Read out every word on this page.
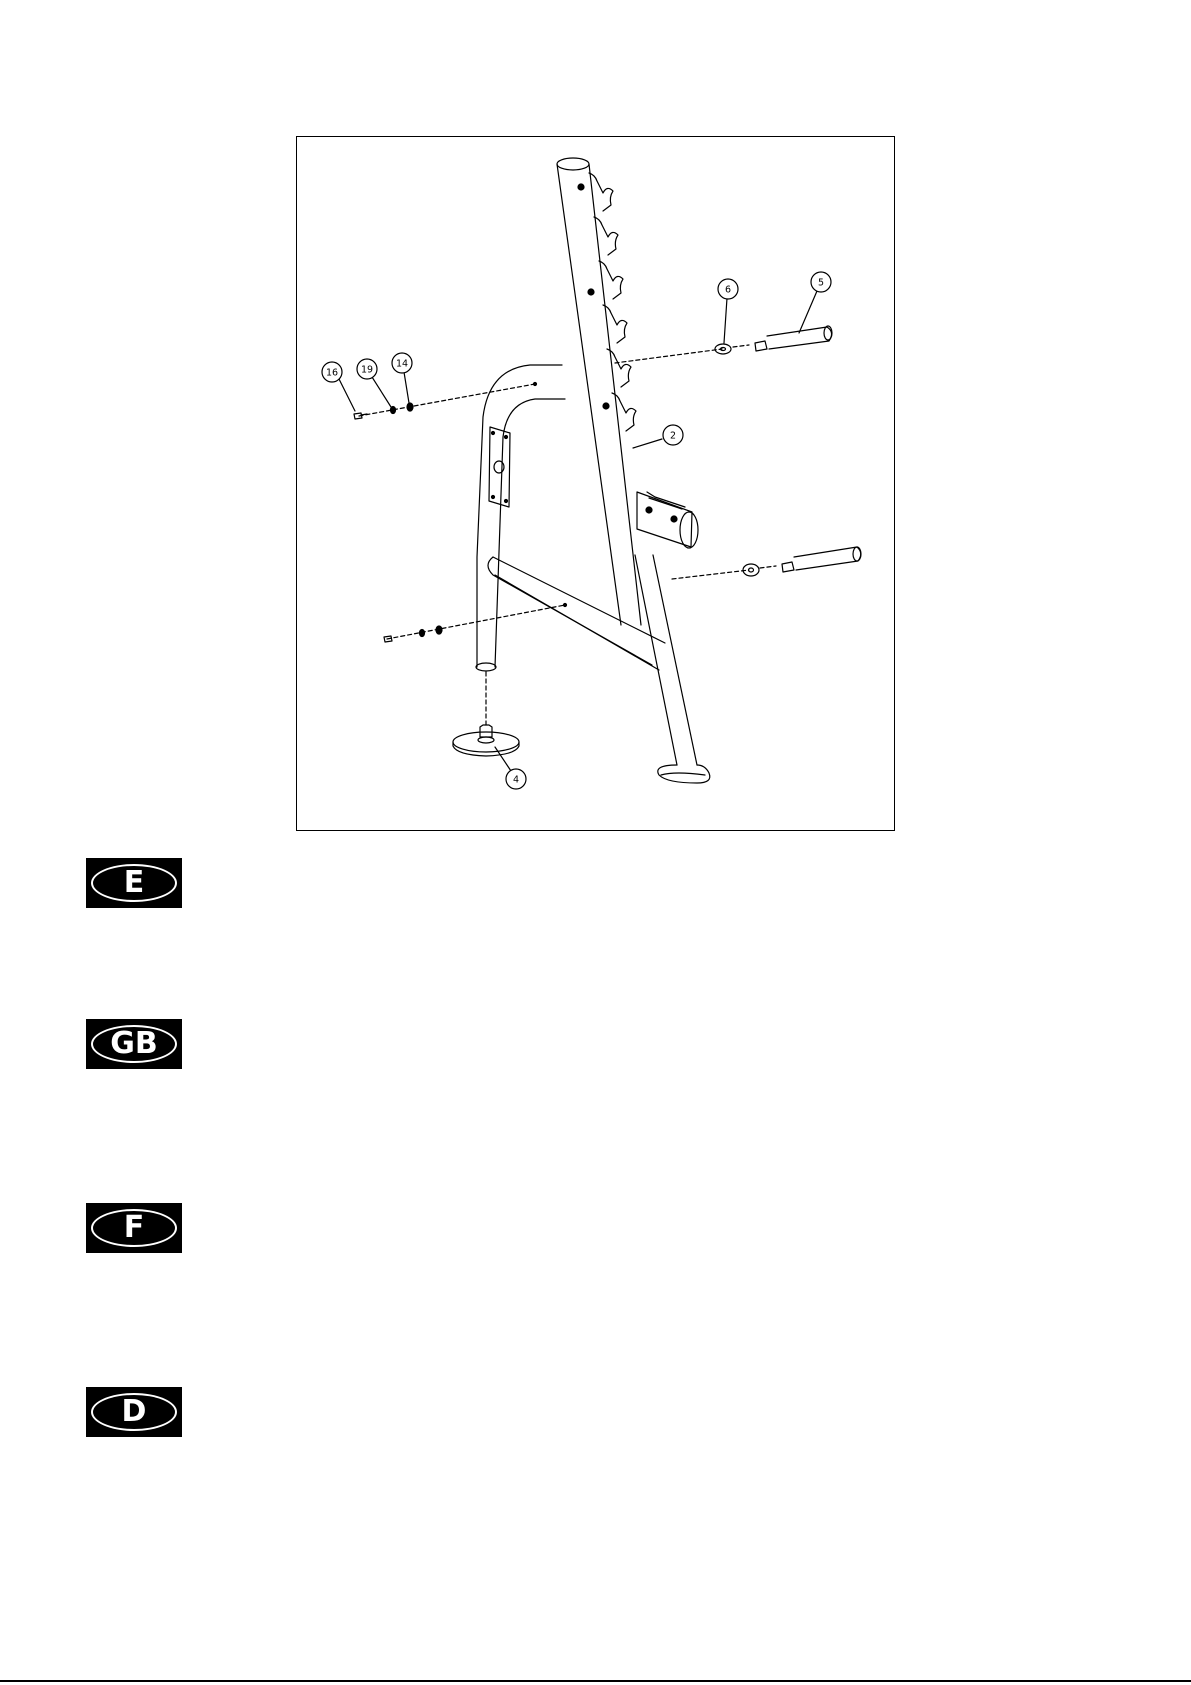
16 19
14
6
5
2
4
E
GB
F
D
